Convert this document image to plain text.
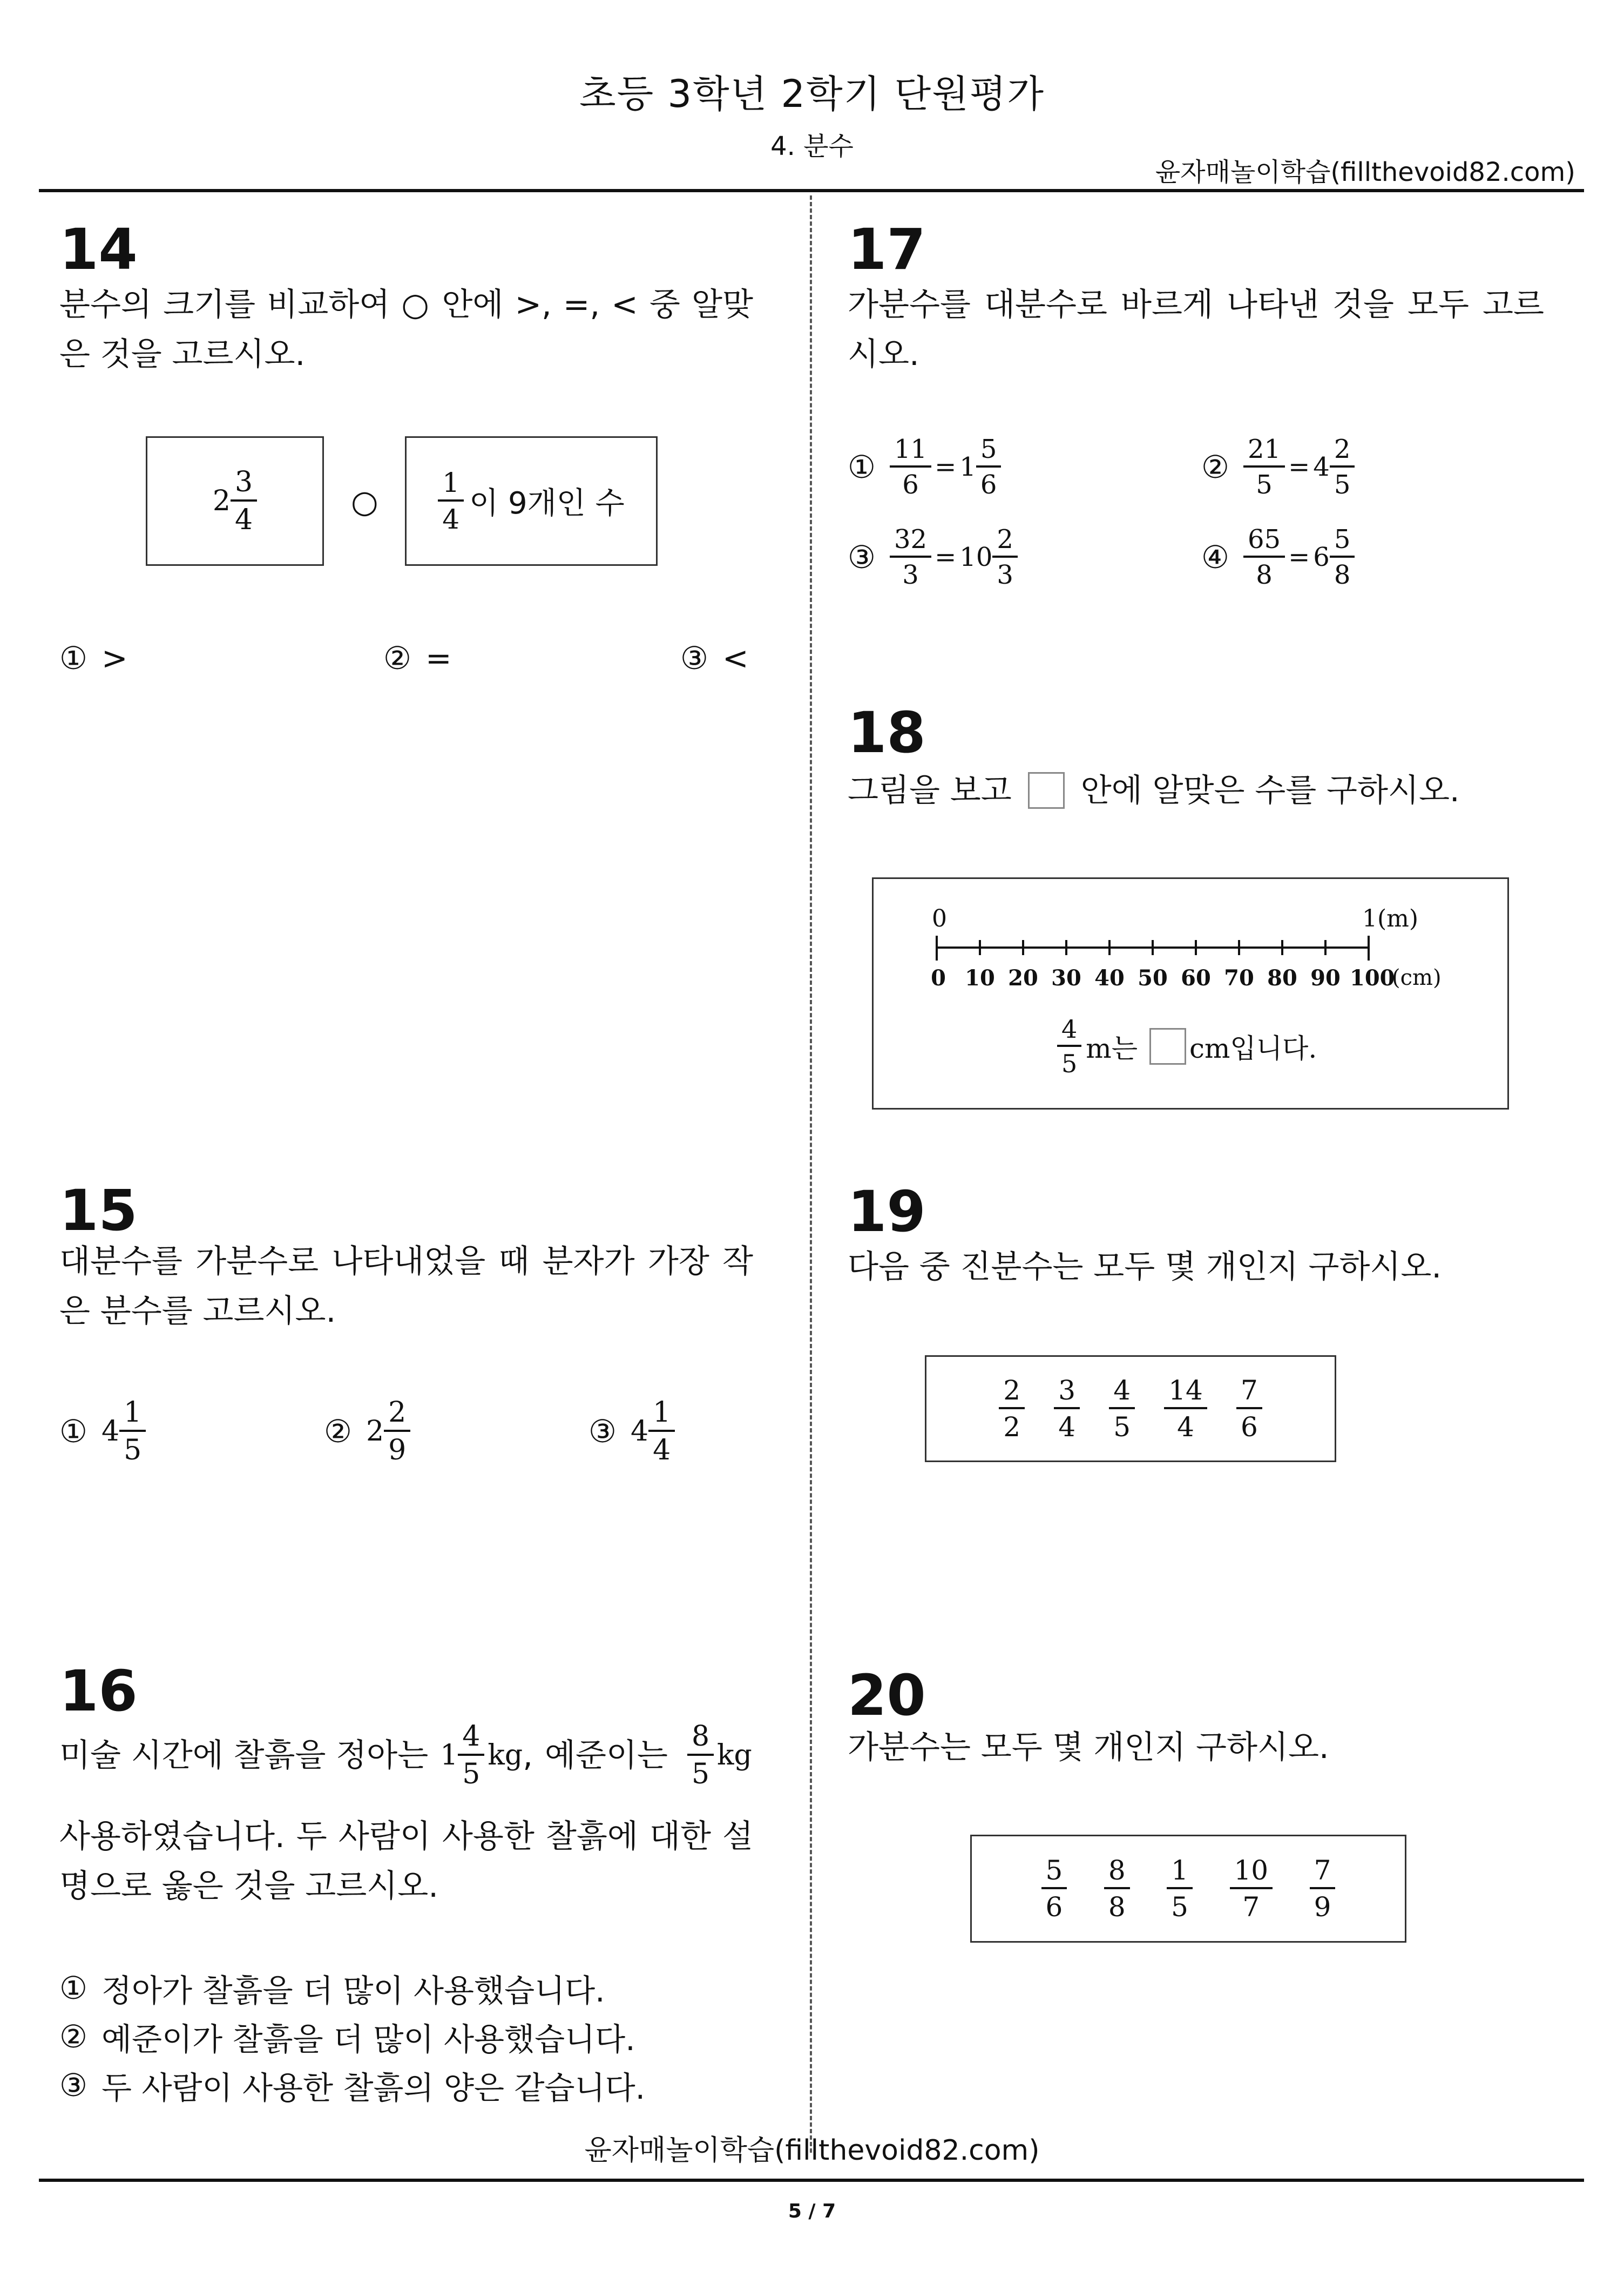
초등 3학년 2학기 단원평가
4. 분수
윤자매놀이학습(fillthevoid82.com)
14
분수의 크기를 비교하여 ○ 안에 >, =, < 중 알맞은 것을 고르시오.
$2 \frac{3}{4}$	○ $\frac{1}{4}$ 이 9개인 수
① >	② =	③ <
15
대분수를 가분수로 나타내었을 때 분자가 가장 작은 분수를 고르시오.
① $4 \frac{1}{5}$	② $2 \frac{2}{9}$	③ $4 \frac{1}{4}$
16
미술 시간에 찰흙을 정아는 $1 \frac{4}{5}$ kg , 예준이는 $\frac{8}{5}$ kg
사용하였습니다. 두 사람이 사용한 찰흙에 대한 설명으로 옳은 것을 고르시오.
① 정아가 찰흙을 더 많이 사용했습니다.
② 예준이가 찰흙을 더 많이 사용했습니다.
③ 두 사람이 사용한 찰흙의 양은 같습니다.
17
가분수를 대분수로 바르게 나타낸 것을 모두 고르시오.
① $\frac{11}{6} = 1 \frac{5}{6}$	② $\frac{21}{5} = 4 \frac{2}{5}$
③ $\frac{32}{3} = 10 \frac{2}{3}$	④ $\frac{65}{8} = 6 \frac{5}{8}$
18
그림을 보고 안에 알맞은 수를 구하시오.
0	1(m)
0 10 20 30 40 50 60 70 80 90 100
(cm)
$\frac{4}{5}$ m는 cm입니다.
19
다음 중 진분수는 모두 몇 개인지 구하시오.
$\frac{2}{2} \frac{3}{4} \frac{4}{5} \frac{14}{4} \frac{7}{6}$
20
가분수는 모두 몇 개인지 구하시오.
$\frac{5}{6} \frac{8}{8} \frac{1}{5} \frac{10}{7} \frac{7}{9}$
윤자매놀이학습(fillthevoid82.com)
5 / 7
